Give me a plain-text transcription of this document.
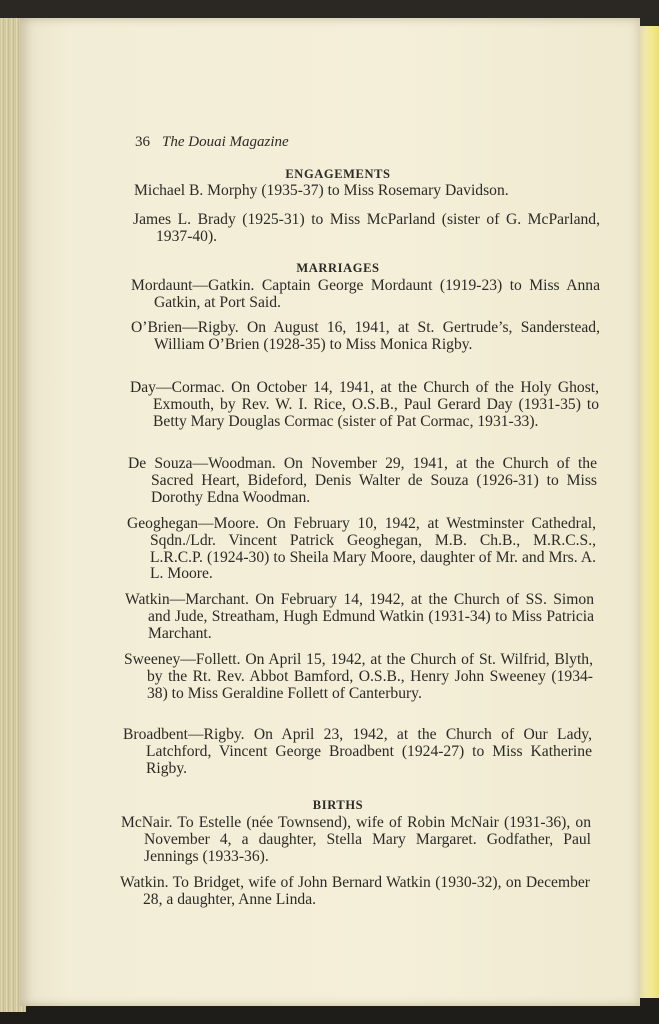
36 The Douai Magazine
ENGAGEMENTS
Michael B. Morphy (1935-37) to Miss Rosemary Davidson.
James L. Brady (1925-31) to Miss McParland (sister of G. McParland, 1937-40).
MARRIAGES
Mordaunt—Gatkin. Captain George Mordaunt (1919-23) to Miss Anna Gatkin, at Port Said.
O’Brien—Rigby. On August 16, 1941, at St. Gertrude’s, Sanderstead, William O’Brien (1928-35) to Miss Monica Rigby.
Day—Cormac. On October 14, 1941, at the Church of the Holy Ghost, Exmouth, by Rev. W. I. Rice, O.S.B., Paul Gerard Day (1931-35) to Betty Mary Douglas Cormac (sister of Pat Cormac, 1931-33).
De Souza—Woodman. On November 29, 1941, at the Church of the Sacred Heart, Bideford, Denis Walter de Souza (1926-31) to Miss Dorothy Edna Woodman.
Geoghegan—Moore. On February 10, 1942, at Westminster Cathedral, Sqdn./Ldr. Vincent Patrick Geoghegan, M.B. Ch.B., M.R.C.S., L.R.C.P. (1924-30) to Sheila Mary Moore, daughter of Mr. and Mrs. A. L. Moore.
Watkin—Marchant. On February 14, 1942, at the Church of SS. Simon and Jude, Streatham, Hugh Edmund Watkin (1931-34) to Miss Patricia Marchant.
Sweeney—Follett. On April 15, 1942, at the Church of St. Wilfrid, Blyth, by the Rt. Rev. Abbot Bamford, O.S.B., Henry John Sweeney (1934-38) to Miss Geraldine Follett of Canterbury.
Broadbent—Rigby. On April 23, 1942, at the Church of Our Lady, Latchford, Vincent George Broadbent (1924-27) to Miss Katherine Rigby.
BIRTHS
McNair. To Estelle (née Townsend), wife of Robin McNair (1931-36), on November 4, a daughter, Stella Mary Margaret. Godfather, Paul Jennings (1933-36).
Watkin. To Bridget, wife of John Bernard Watkin (1930-32), on December 28, a daughter, Anne Linda.
